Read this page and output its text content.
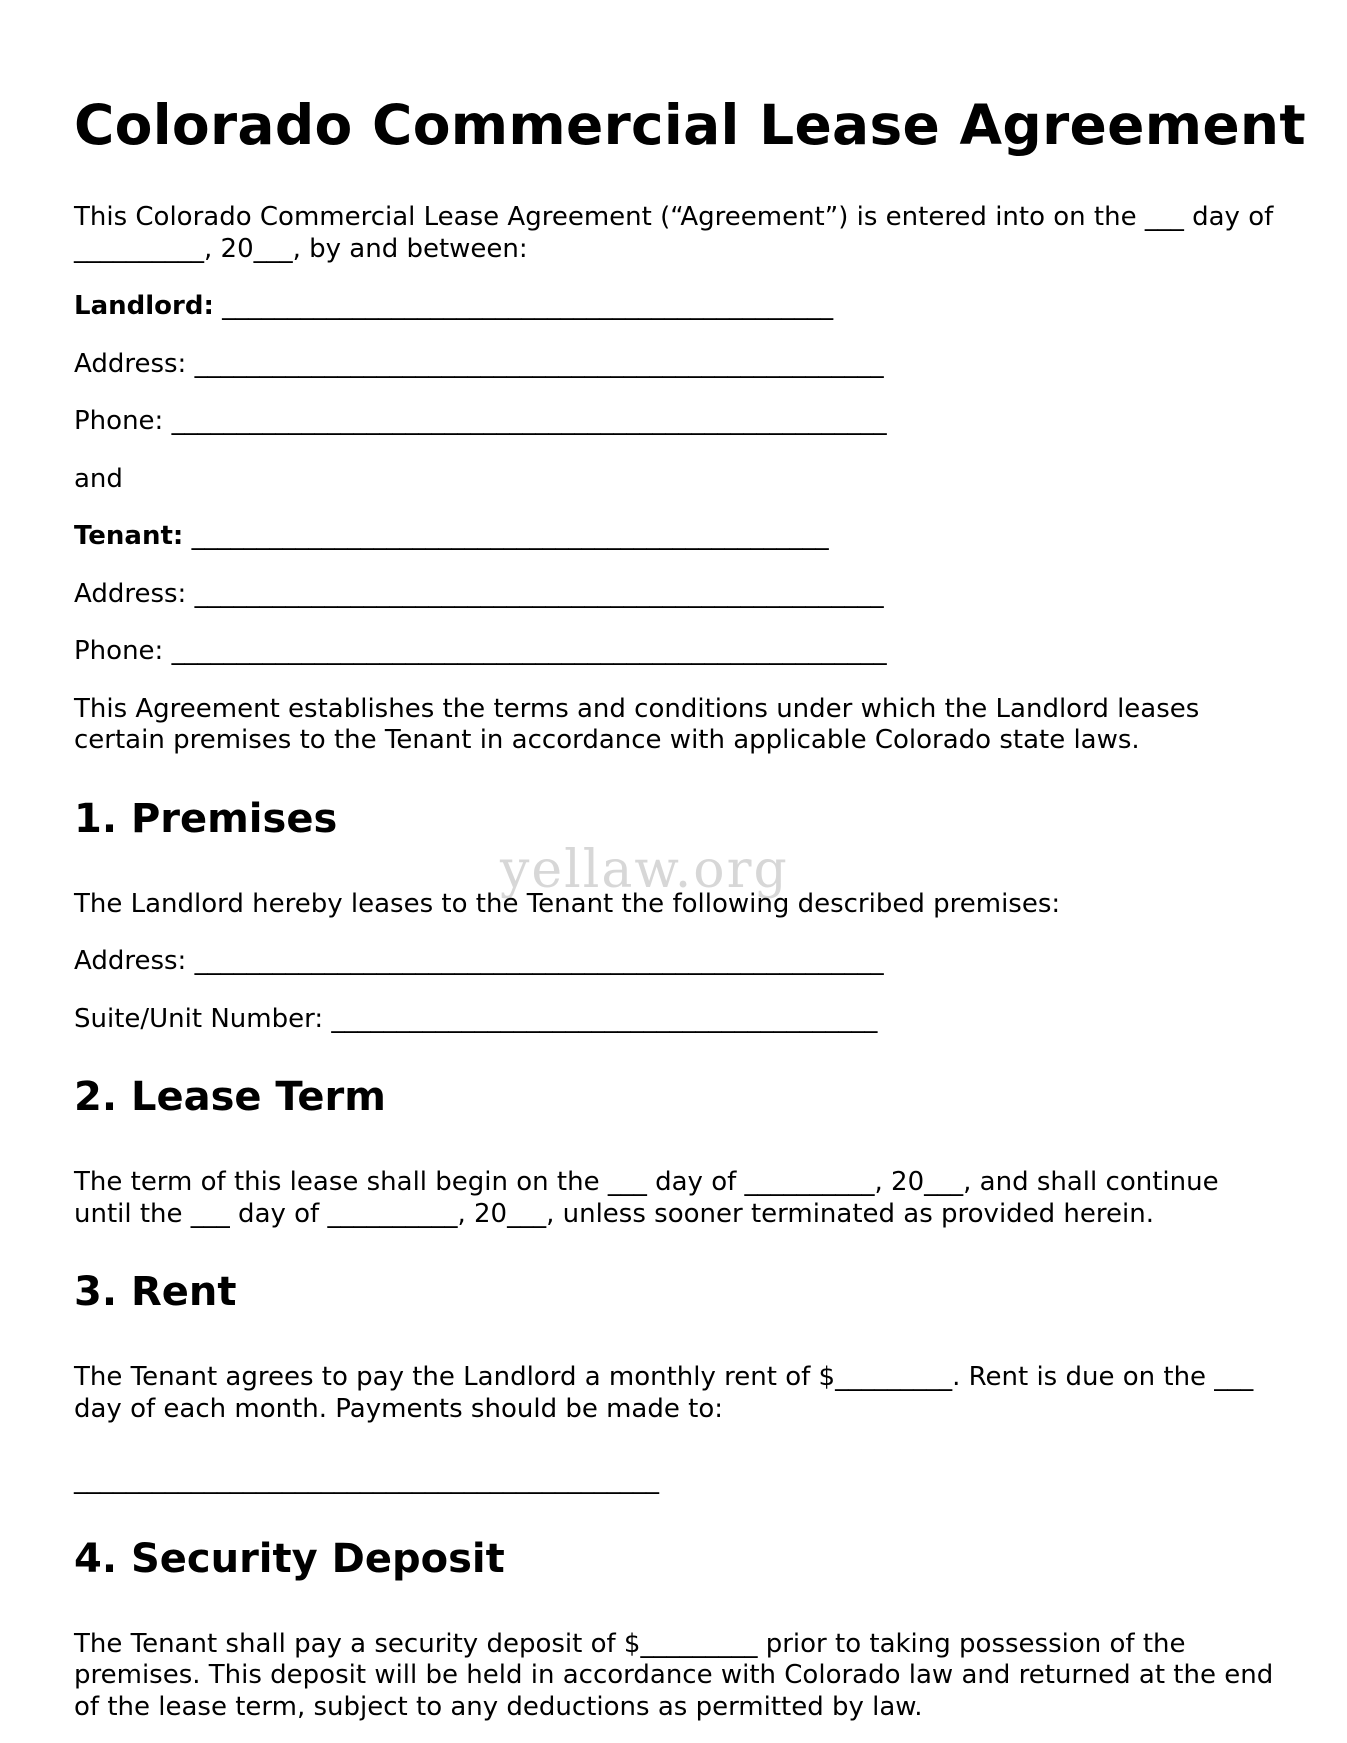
Colorado Commercial Lease Agreement

This Colorado Commercial Lease Agreement (“Agreement”) is entered into on the ___ day of __________, 20___, by and between:

Landlord: _______________________________________________

Address: _____________________________________________________

Phone: _______________________________________________________

and

Tenant: _________________________________________________

Address: _____________________________________________________

Phone: _______________________________________________________

This Agreement establishes the terms and conditions under which the Landlord leases certain premises to the Tenant in accordance with applicable Colorado state laws.

1. Premises

The Landlord hereby leases to the Tenant the following described premises:

Address: _____________________________________________________

Suite/Unit Number: __________________________________________

2. Lease Term

The term of this lease shall begin on the ___ day of __________, 20___, and shall continue until the ___ day of __________, 20___, unless sooner terminated as provided herein.

3. Rent

The Tenant agrees to pay the Landlord a monthly rent of $_________. Rent is due on the ___ day of each month. Payments should be made to:

_____________________________________________

4. Security Deposit

The Tenant shall pay a security deposit of $_________ prior to taking possession of the premises. This deposit will be held in accordance with Colorado law and returned at the end of the lease term, subject to any deductions as permitted by law.

yellaw.org
